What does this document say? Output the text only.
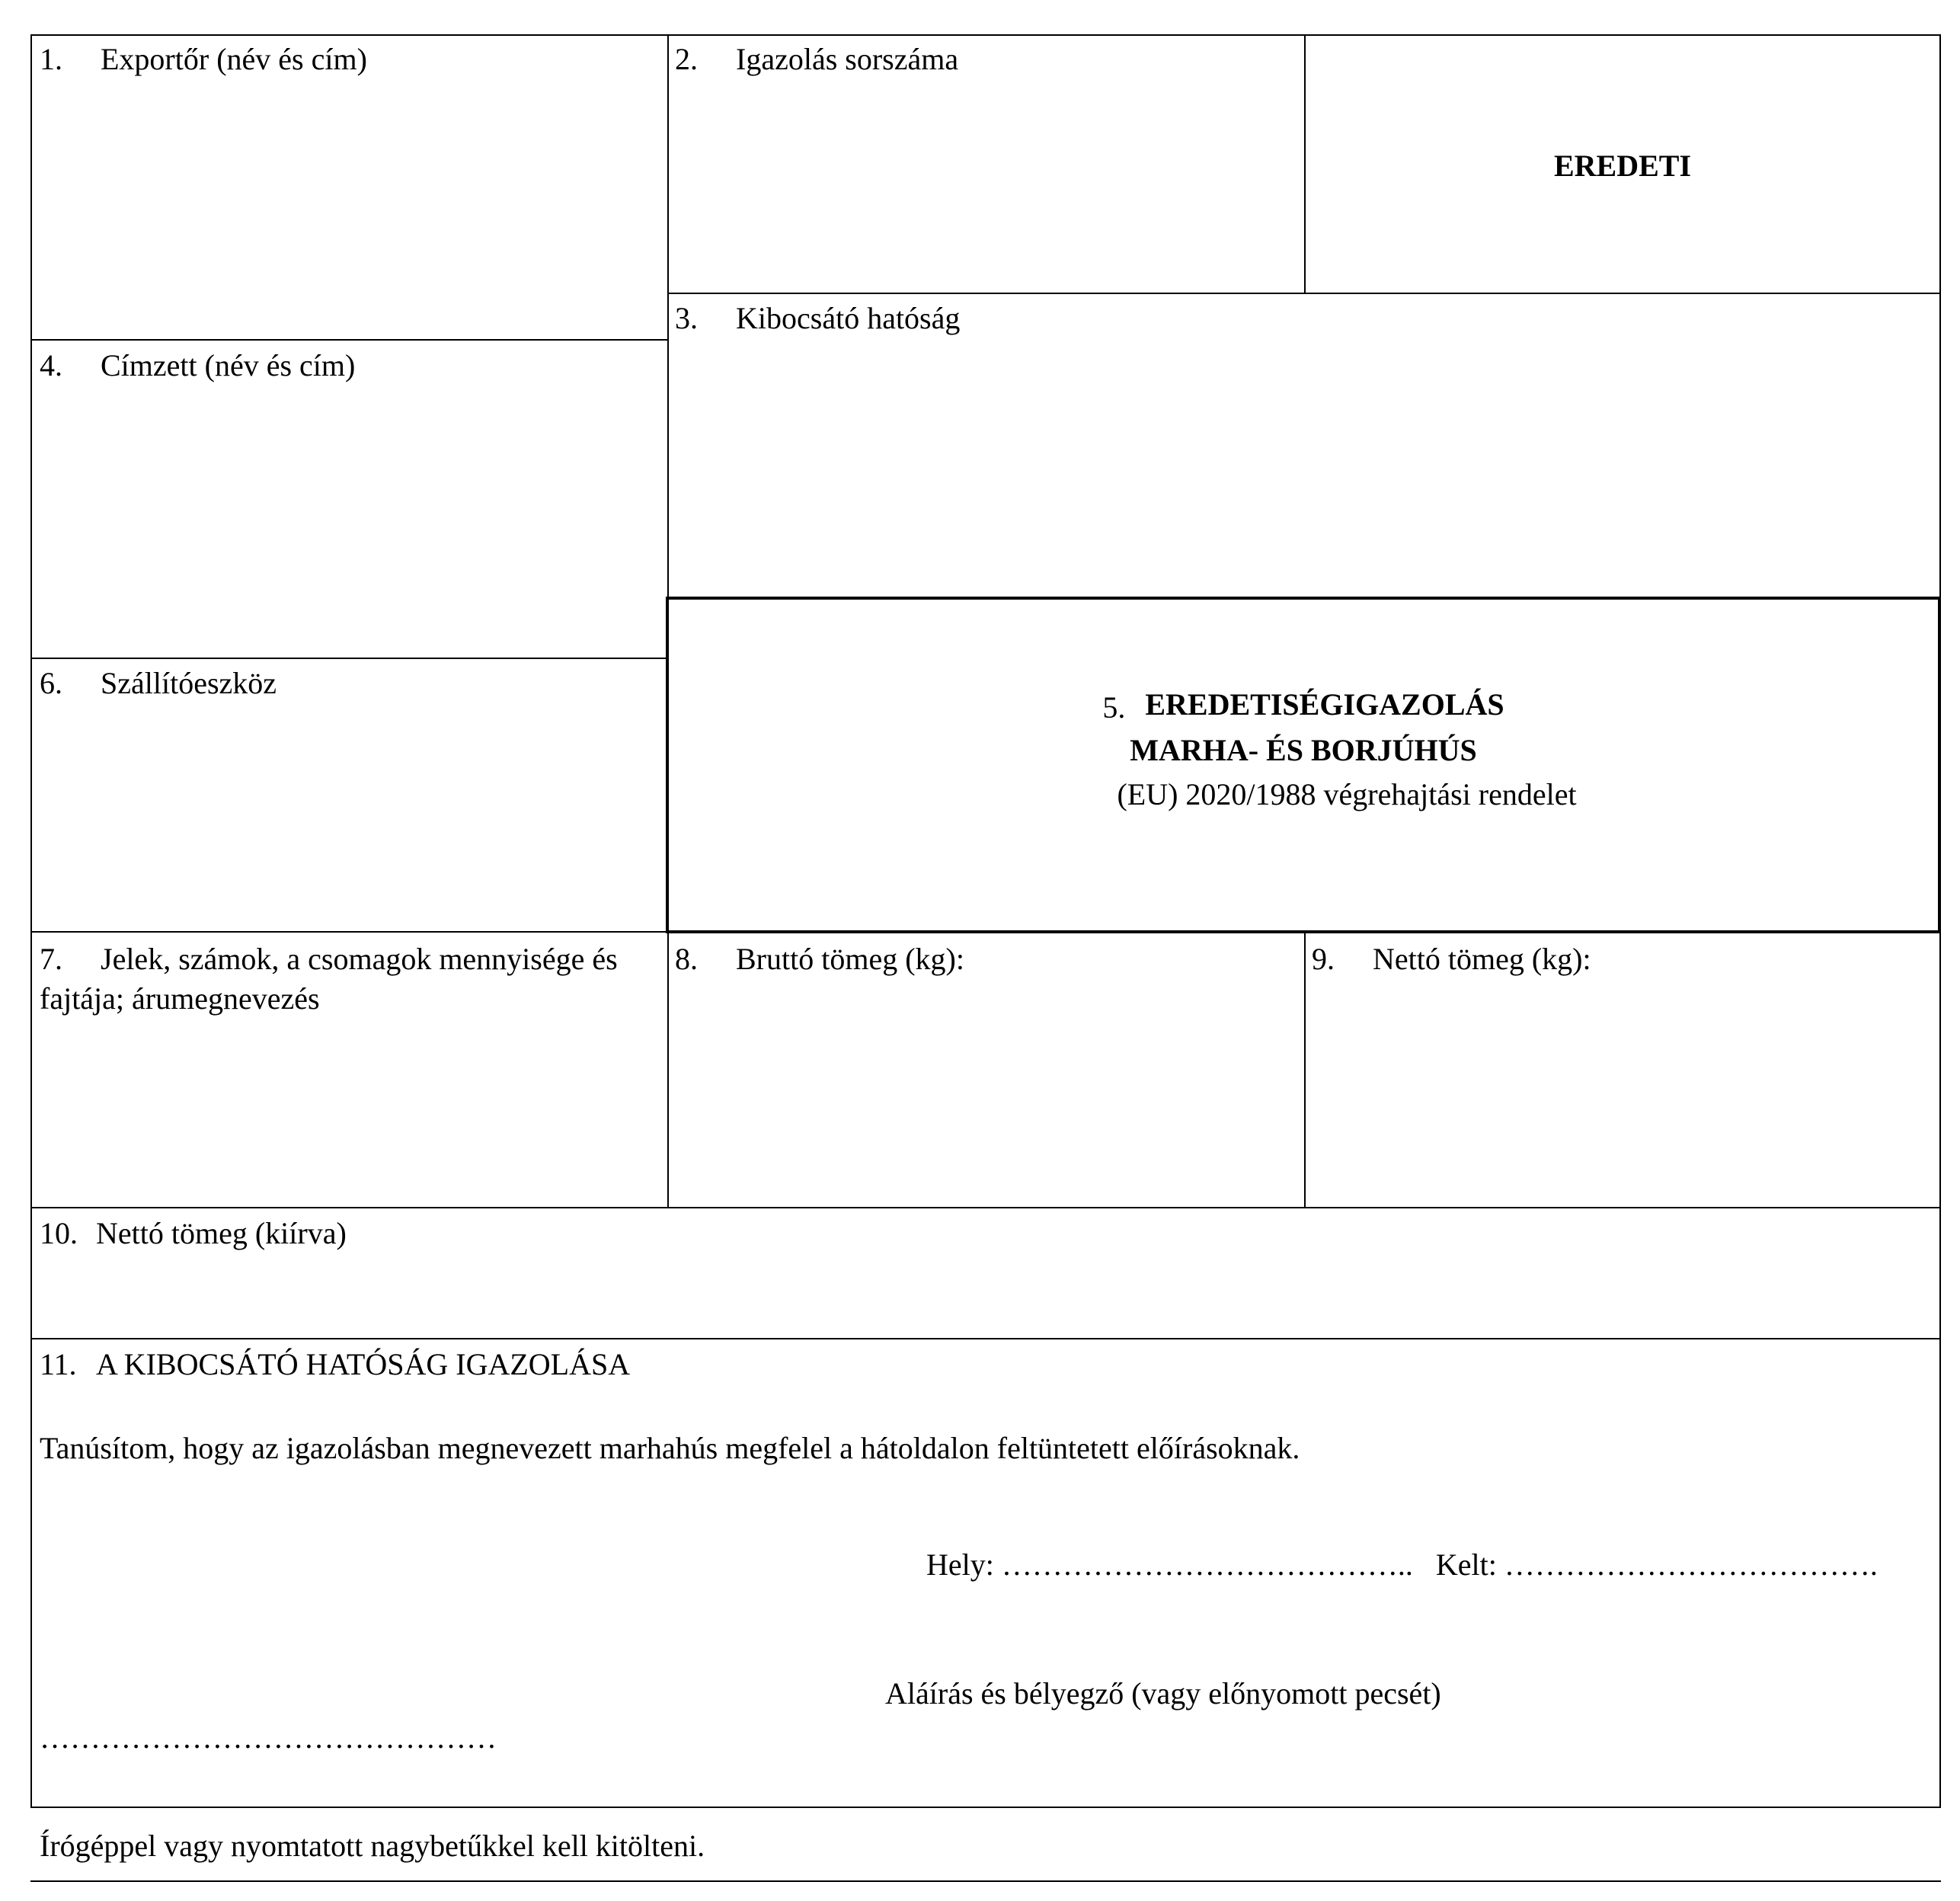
1. Exportőr (név és cím)	2. Igazolás sorszáma
EREDETI
3. Kibocsátó hatóság
4. Címzett (név és cím)
5. EREDETISÉGIGAZOLÁS
MARHA- ÉS BORJÚHÚS
(EU) 2020/1988 végrehajtási rendelet
6. Szállítóeszköz
7. Jelek, számok, a csomagok mennyisége és
fajtája; árumegnevezés
8. Bruttó tömeg (kg):	9. Nettó tömeg (kg):
10. Nettó tömeg (kiírva)
11. A KIBOCSÁTÓ HATÓSÁG IGAZOLÁSA
Tanúsítom, hogy az igazolásban megnevezett marhahús megfelel a hátoldalon feltüntetett előírásoknak.
Hely: …………………………………..   Kelt: ……………………………….
Aláírás és bélyegző (vagy előnyomott pecsét)
………………………………………
Írógéppel vagy nyomtatott nagybetűkkel kell kitölteni.
